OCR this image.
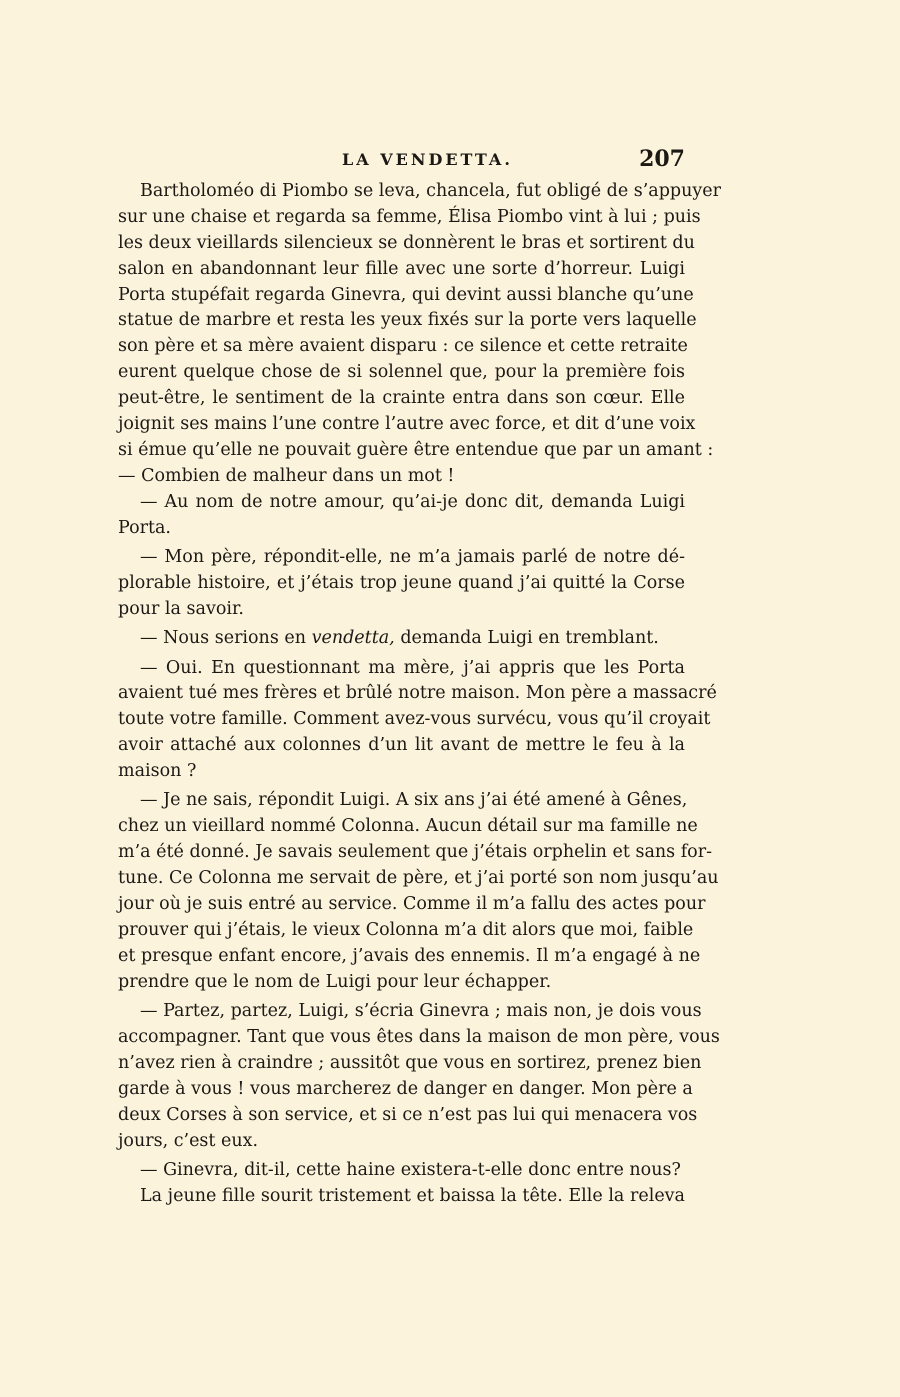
LA VENDETTA.	207
Bartholoméo di Piombo se leva, chancela, fut obligé de s’appuyer
sur une chaise et regarda sa femme, Élisa Piombo vint à lui ; puis
les deux vieillards silencieux se donnèrent le bras et sortirent du
salon en abandonnant leur fille avec une sorte d’horreur. Luigi
Porta stupéfait regarda Ginevra, qui devint aussi blanche qu’une
statue de marbre et resta les yeux fixés sur la porte vers laquelle
son père et sa mère avaient disparu : ce silence et cette retraite
eurent quelque chose de si solennel que, pour la première fois
peut-être, le sentiment de la crainte entra dans son cœur. Elle
joignit ses mains l’une contre l’autre avec force, et dit d’une voix
si émue qu’elle ne pouvait guère être entendue que par un amant :
— Combien de malheur dans un mot !
— Au nom de notre amour, qu’ai-je donc dit, demanda Luigi
Porta.
— Mon père, répondit-elle, ne m’a jamais parlé de notre dé-
plorable histoire, et j’étais trop jeune quand j’ai quitté la Corse
pour la savoir.
— Nous serions en vendetta, demanda Luigi en tremblant.
— Oui. En questionnant ma mère, j’ai appris que les Porta
avaient tué mes frères et brûlé notre maison. Mon père a massacré
toute votre famille. Comment avez-vous survécu, vous qu’il croyait
avoir attaché aux colonnes d’un lit avant de mettre le feu à la
maison ?
— Je ne sais, répondit Luigi. A six ans j’ai été amené à Gênes,
chez un vieillard nommé Colonna. Aucun détail sur ma famille ne
m’a été donné. Je savais seulement que j’étais orphelin et sans for-
tune. Ce Colonna me servait de père, et j’ai porté son nom jusqu’au
jour où je suis entré au service. Comme il m’a fallu des actes pour
prouver qui j’étais, le vieux Colonna m’a dit alors que moi, faible
et presque enfant encore, j’avais des ennemis. Il m’a engagé à ne
prendre que le nom de Luigi pour leur échapper.
— Partez, partez, Luigi, s’écria Ginevra ; mais non, je dois vous
accompagner. Tant que vous êtes dans la maison de mon père, vous
n’avez rien à craindre ; aussitôt que vous en sortirez, prenez bien
garde à vous ! vous marcherez de danger en danger. Mon père a
deux Corses à son service, et si ce n’est pas lui qui menacera vos
jours, c’est eux.
— Ginevra, dit-il, cette haine existera-t-elle donc entre nous?
La jeune fille sourit tristement et baissa la tête. Elle la releva
